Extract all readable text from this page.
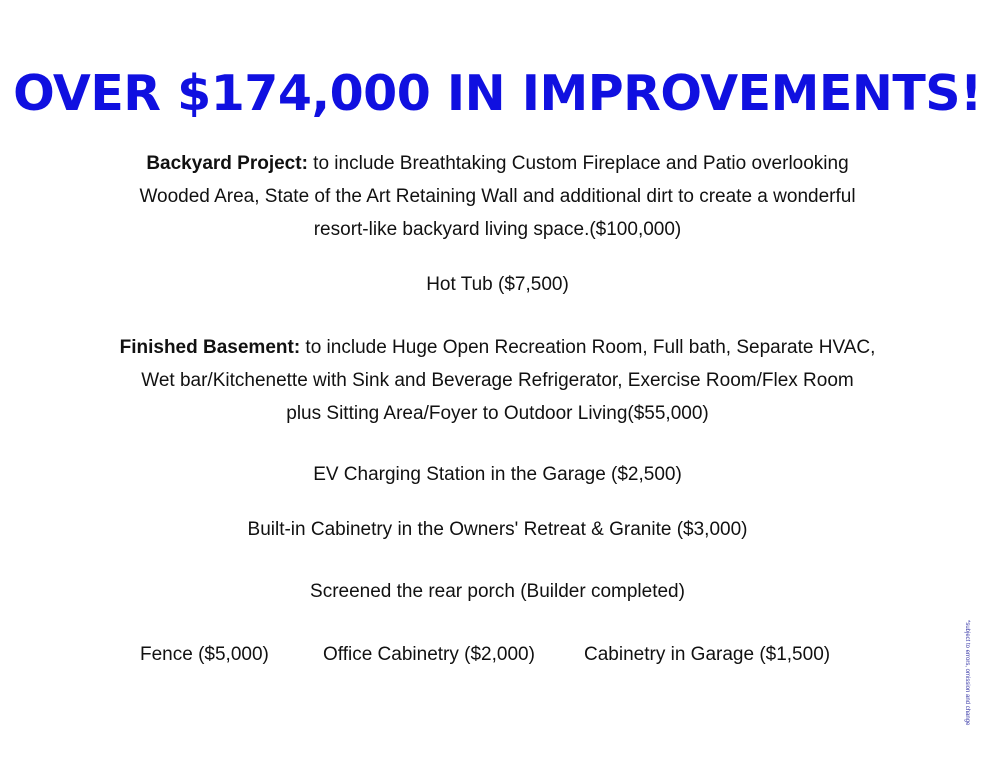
OVER $174,000 IN IMPROVEMENTS!
Backyard Project: to include Breathtaking Custom Fireplace and Patio overlooking
Wooded Area, State of the Art Retaining Wall and additional dirt to create a wonderful
resort-like backyard living space.($100,000)
Hot Tub ($7,500)
Finished Basement: to include Huge Open Recreation Room, Full bath, Separate HVAC,
Wet bar/Kitchenette with Sink and Beverage Refrigerator, Exercise Room/Flex Room
plus Sitting Area/Foyer to Outdoor Living($55,000)
EV Charging Station in the Garage ($2,500)
Built-in Cabinetry in the Owners' Retreat & Granite ($3,000)
Screened the rear porch (Builder completed)
Fence ($5,000)	Office Cabinetry ($2,000)	Cabinetry in Garage ($1,500)	*subject to errors, omission and change
